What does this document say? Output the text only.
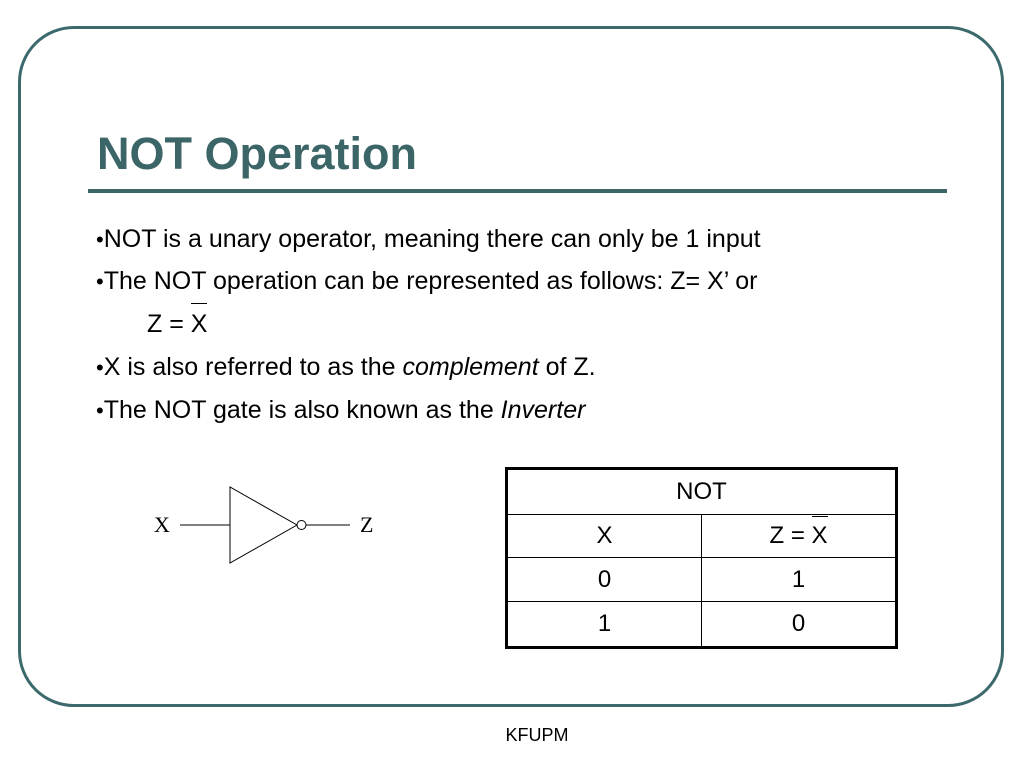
NOT Operation
•NOT is a unary operator, meaning there can only be 1 input
•The NOT operation can be represented as follows: Z= X’ or
Z = X
•X is also referred to as the complement of Z.
•The NOT gate is also known as the Inverter
X	Z
NOT	
X	Z = X
0	1
1	0
KFUPM
